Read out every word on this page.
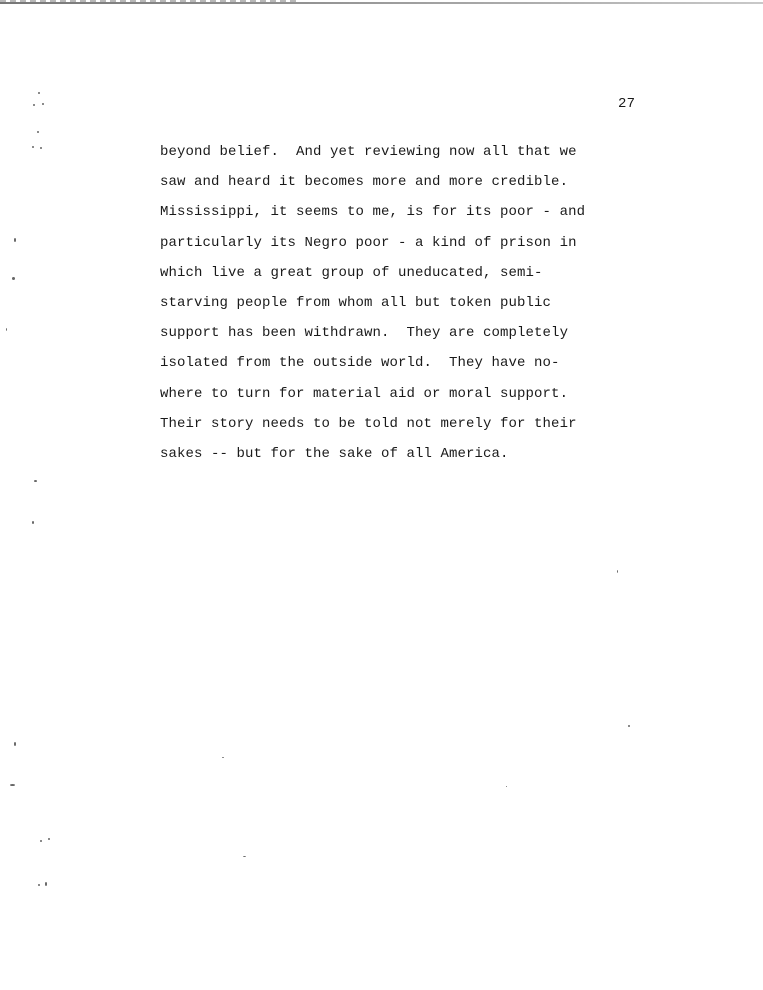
27

beyond belief.  And yet reviewing now all that we
saw and heard it becomes more and more credible.
Mississippi, it seems to me, is for its poor - and
particularly its Negro poor - a kind of prison in
which live a great group of uneducated, semi-
starving people from whom all but token public
support has been withdrawn.  They are completely
isolated from the outside world.  They have no-
where to turn for material aid or moral support.
Their story needs to be told not merely for their
sakes -- but for the sake of all America.
